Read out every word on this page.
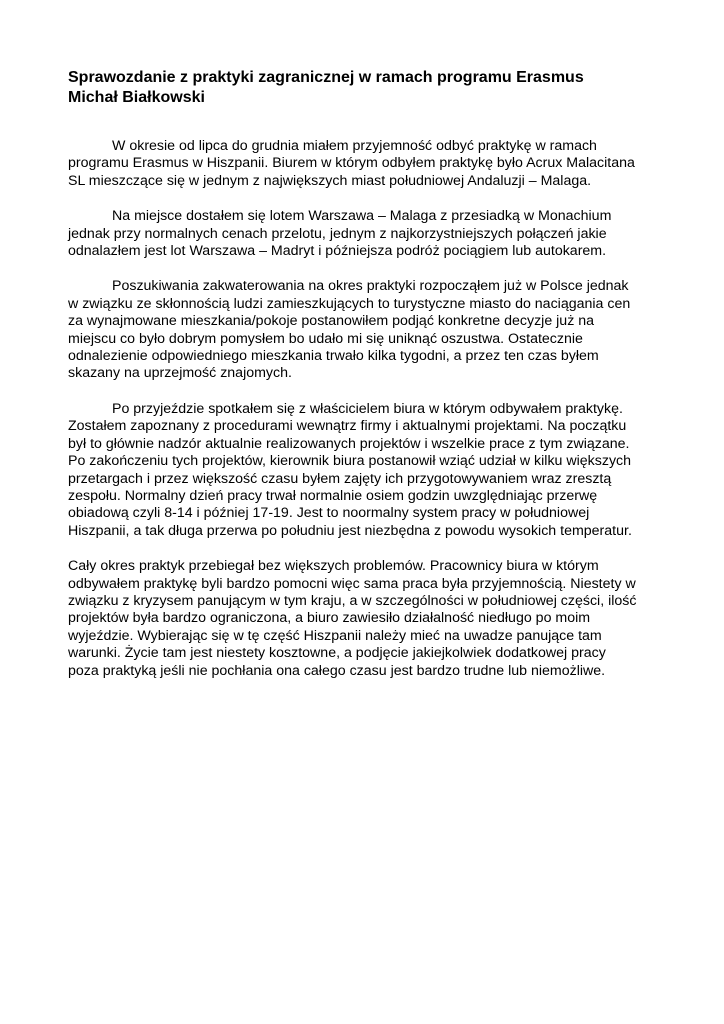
Sprawozdanie z praktyki zagranicznej w ramach programu Erasmus
Michał Białkowski

W okresie od lipca do grudnia miałem przyjemność odbyć praktykę w ramach
programu Erasmus w Hiszpanii. Biurem w którym odbyłem praktykę było Acrux Malacitana
SL mieszczące się w jednym z największych miast południowej Andaluzji – Malaga.

Na miejsce dostałem się lotem Warszawa – Malaga z przesiadką w Monachium
jednak przy normalnych cenach przelotu, jednym z najkorzystniejszych połączeń jakie
odnalazłem jest lot Warszawa – Madryt i późniejsza podróż pociągiem lub autokarem.

Poszukiwania zakwaterowania na okres praktyki rozpocząłem już w Polsce jednak
w związku ze skłonnością ludzi zamieszkujących to turystyczne miasto do naciągania cen
za wynajmowane mieszkania/pokoje postanowiłem podjąć konkretne decyzje już na
miejscu co było dobrym pomysłem bo udało mi się uniknąć oszustwa. Ostatecznie
odnalezienie odpowiedniego mieszkania trwało kilka tygodni, a przez ten czas byłem
skazany na uprzejmość znajomych.

Po przyjeździe spotkałem się z właścicielem biura w którym odbywałem praktykę.
Zostałem zapoznany z procedurami wewnątrz firmy i aktualnymi projektami. Na początku
był to głównie nadzór aktualnie realizowanych projektów i wszelkie prace z tym związane.
Po zakończeniu tych projektów, kierownik biura postanowił wziąć udział w kilku większych
przetargach i przez większość czasu byłem zajęty ich przygotowywaniem wraz zresztą
zespołu. Normalny dzień pracy trwał normalnie osiem godzin uwzględniając przerwę
obiadową czyli 8-14 i później 17-19. Jest to noormalny system pracy w południowej
Hiszpanii, a tak długa przerwa po południu jest niezbędna z powodu wysokich temperatur.

Cały okres praktyk przebiegał bez większych problemów. Pracownicy biura w którym
odbywałem praktykę byli bardzo pomocni więc sama praca była przyjemnością. Niestety w
związku z kryzysem panującym w tym kraju, a w szczególności w południowej części, ilość
projektów była bardzo ograniczona, a biuro zawiesiło działalność niedługo po moim
wyjeździe. Wybierając się w tę część Hiszpanii należy mieć na uwadze panujące tam
warunki. Życie tam jest niestety kosztowne, a podjęcie jakiejkolwiek dodatkowej pracy
poza praktyką jeśli nie pochłania ona całego czasu jest bardzo trudne lub niemożliwe.
